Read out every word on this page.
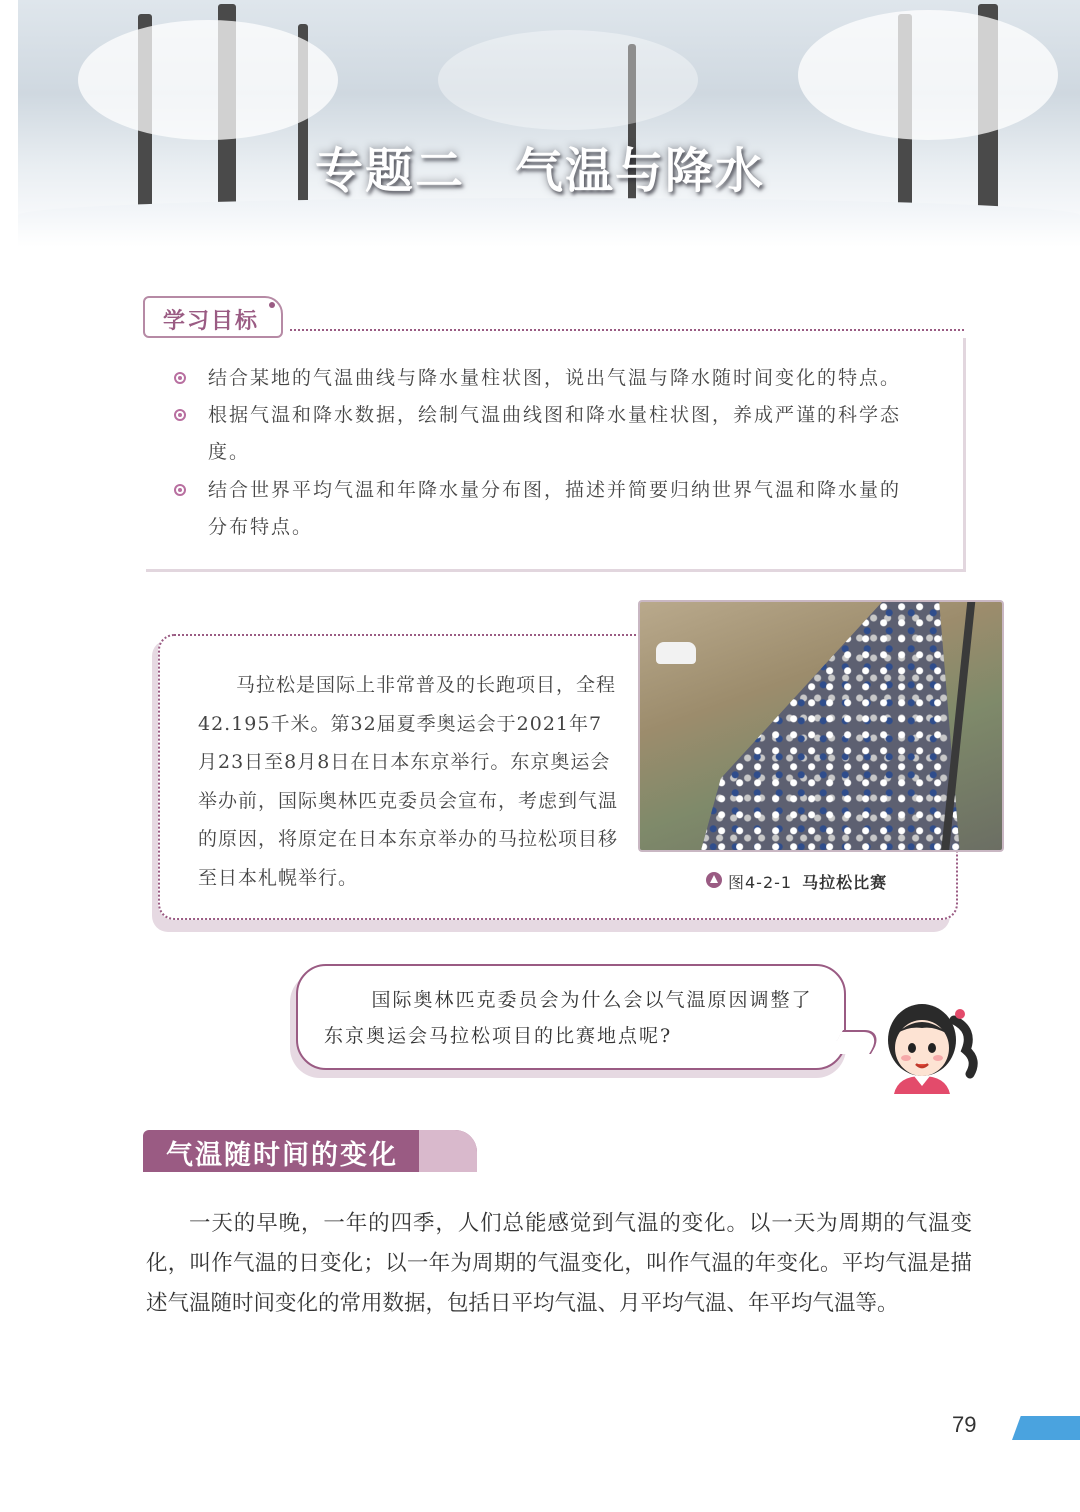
专题二　气温与降水
学习目标
结合某地的气温曲线与降水量柱状图，说出气温与降水随时间变化的特点。
根据气温和降水数据，绘制气温曲线图和降水量柱状图，养成严谨的科学态度。
结合世界平均气温和年降水量分布图，描述并简要归纳世界气温和降水量的分布特点。
马拉松是国际上非常普及的长跑项目，全程42.195千米。第32届夏季奥运会于2021年7月23日至8月8日在日本东京举行。东京奥运会举办前，国际奥林匹克委员会宣布，考虑到气温的原因，将原定在日本东京举办的马拉松项目移至日本札幌举行。	图4-2-1 马拉松比赛
国际奥林匹克委员会为什么会以气温原因调整了东京奥运会马拉松项目的比赛地点呢?
气温随时间的变化
一天的早晚，一年的四季，人们总能感觉到气温的变化。以一天为周期的气温变化，叫作气温的日变化；以一年为周期的气温变化，叫作气温的年变化。平均气温是描述气温随时间变化的常用数据，包括日平均气温、月平均气温、年平均气温等。
79
